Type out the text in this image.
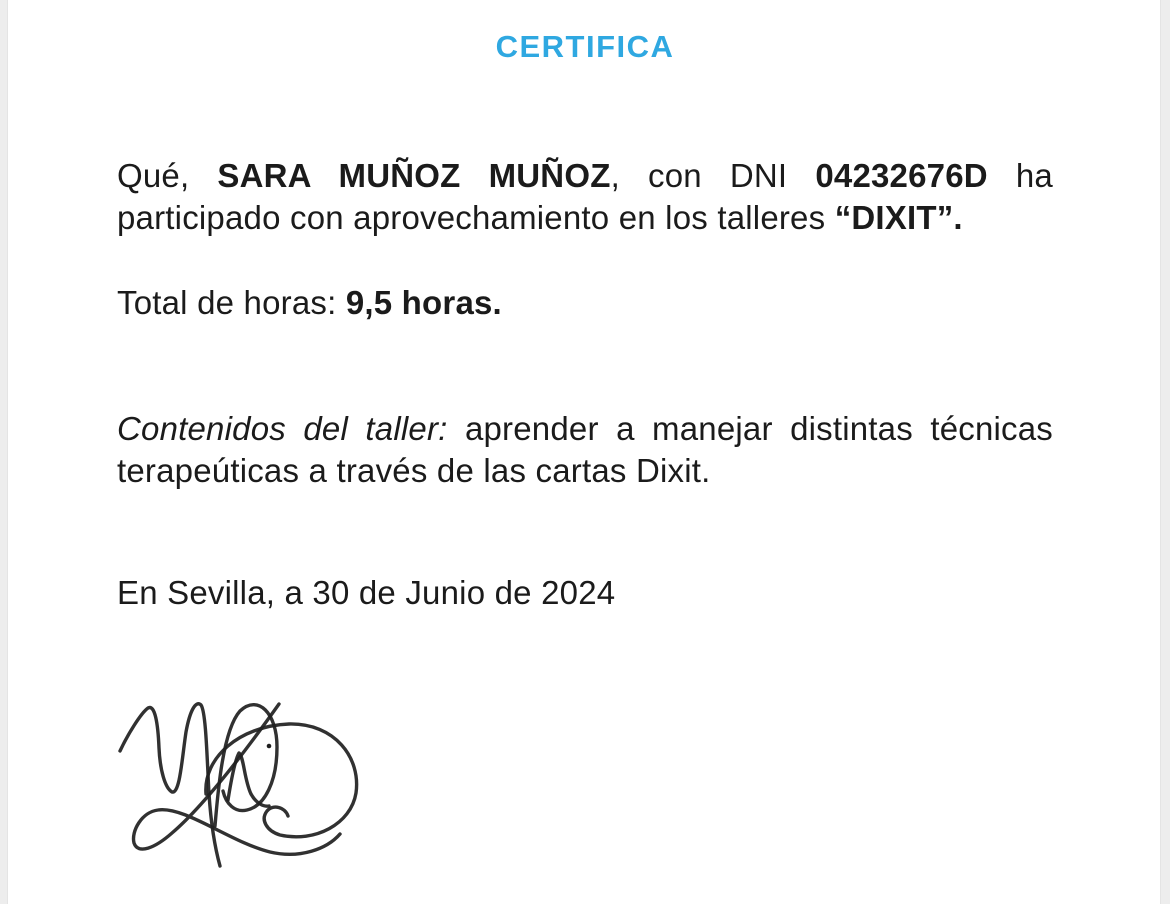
CERTIFICA
Qué, SARA MUÑOZ MUÑOZ, con DNI 04232676D ha
participado con aprovechamiento en los talleres “DIXIT”.
Total de horas: 9,5 horas.
Contenidos del taller: aprender a manejar distintas técnicas
terapeúticas a través de las cartas Dixit.
En Sevilla, a 30 de Junio de 2024
